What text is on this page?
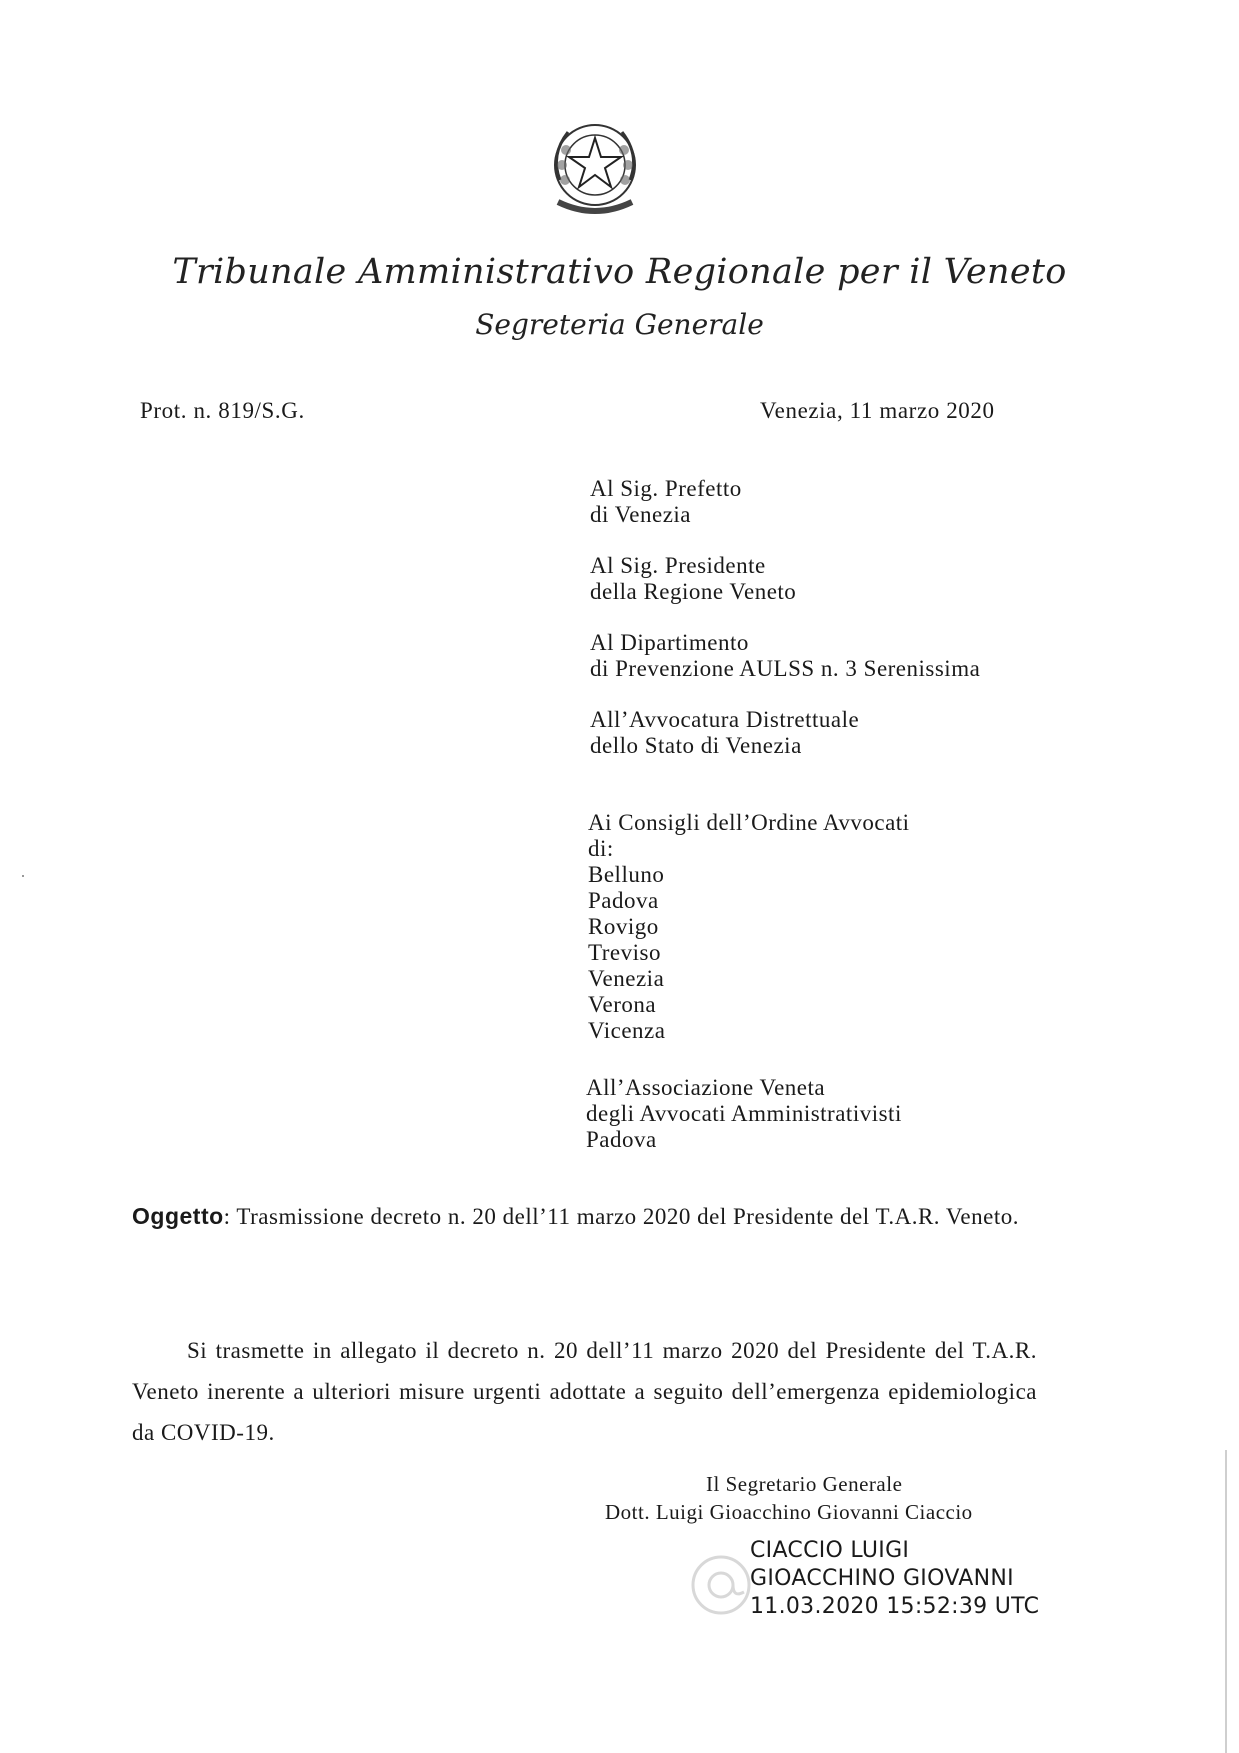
Tribunale Amministrativo Regionale per il Veneto
Segreteria Generale
Prot. n. 819/S.G.	Venezia, 11 marzo 2020
Al Sig. Prefetto
di Venezia
Al Sig. Presidente
della Regione Veneto
Al Dipartimento
di Prevenzione AULSS n. 3 Serenissima
All’Avvocatura Distrettuale
dello Stato di Venezia
Ai Consigli dell’Ordine Avvocati
di:
Belluno
Padova
Rovigo
Treviso
Venezia
Verona
Vicenza
All’Associazione Veneta
degli Avvocati Amministrativisti
Padova
Oggetto: Trasmissione decreto n. 20 dell’11 marzo 2020 del Presidente del T.A.R. Veneto.
Si trasmette in allegato il decreto n. 20 dell’11 marzo 2020 del Presidente del T.A.R. Veneto inerente a ulteriori misure urgenti adottate a seguito dell’emergenza epidemiologica da COVID-19.
Il Segretario Generale
Dott. Luigi Gioacchino Giovanni Ciaccio
CIACCIO LUIGI
GIOACCHINO GIOVANNI
11.03.2020 15:52:39 UTC
